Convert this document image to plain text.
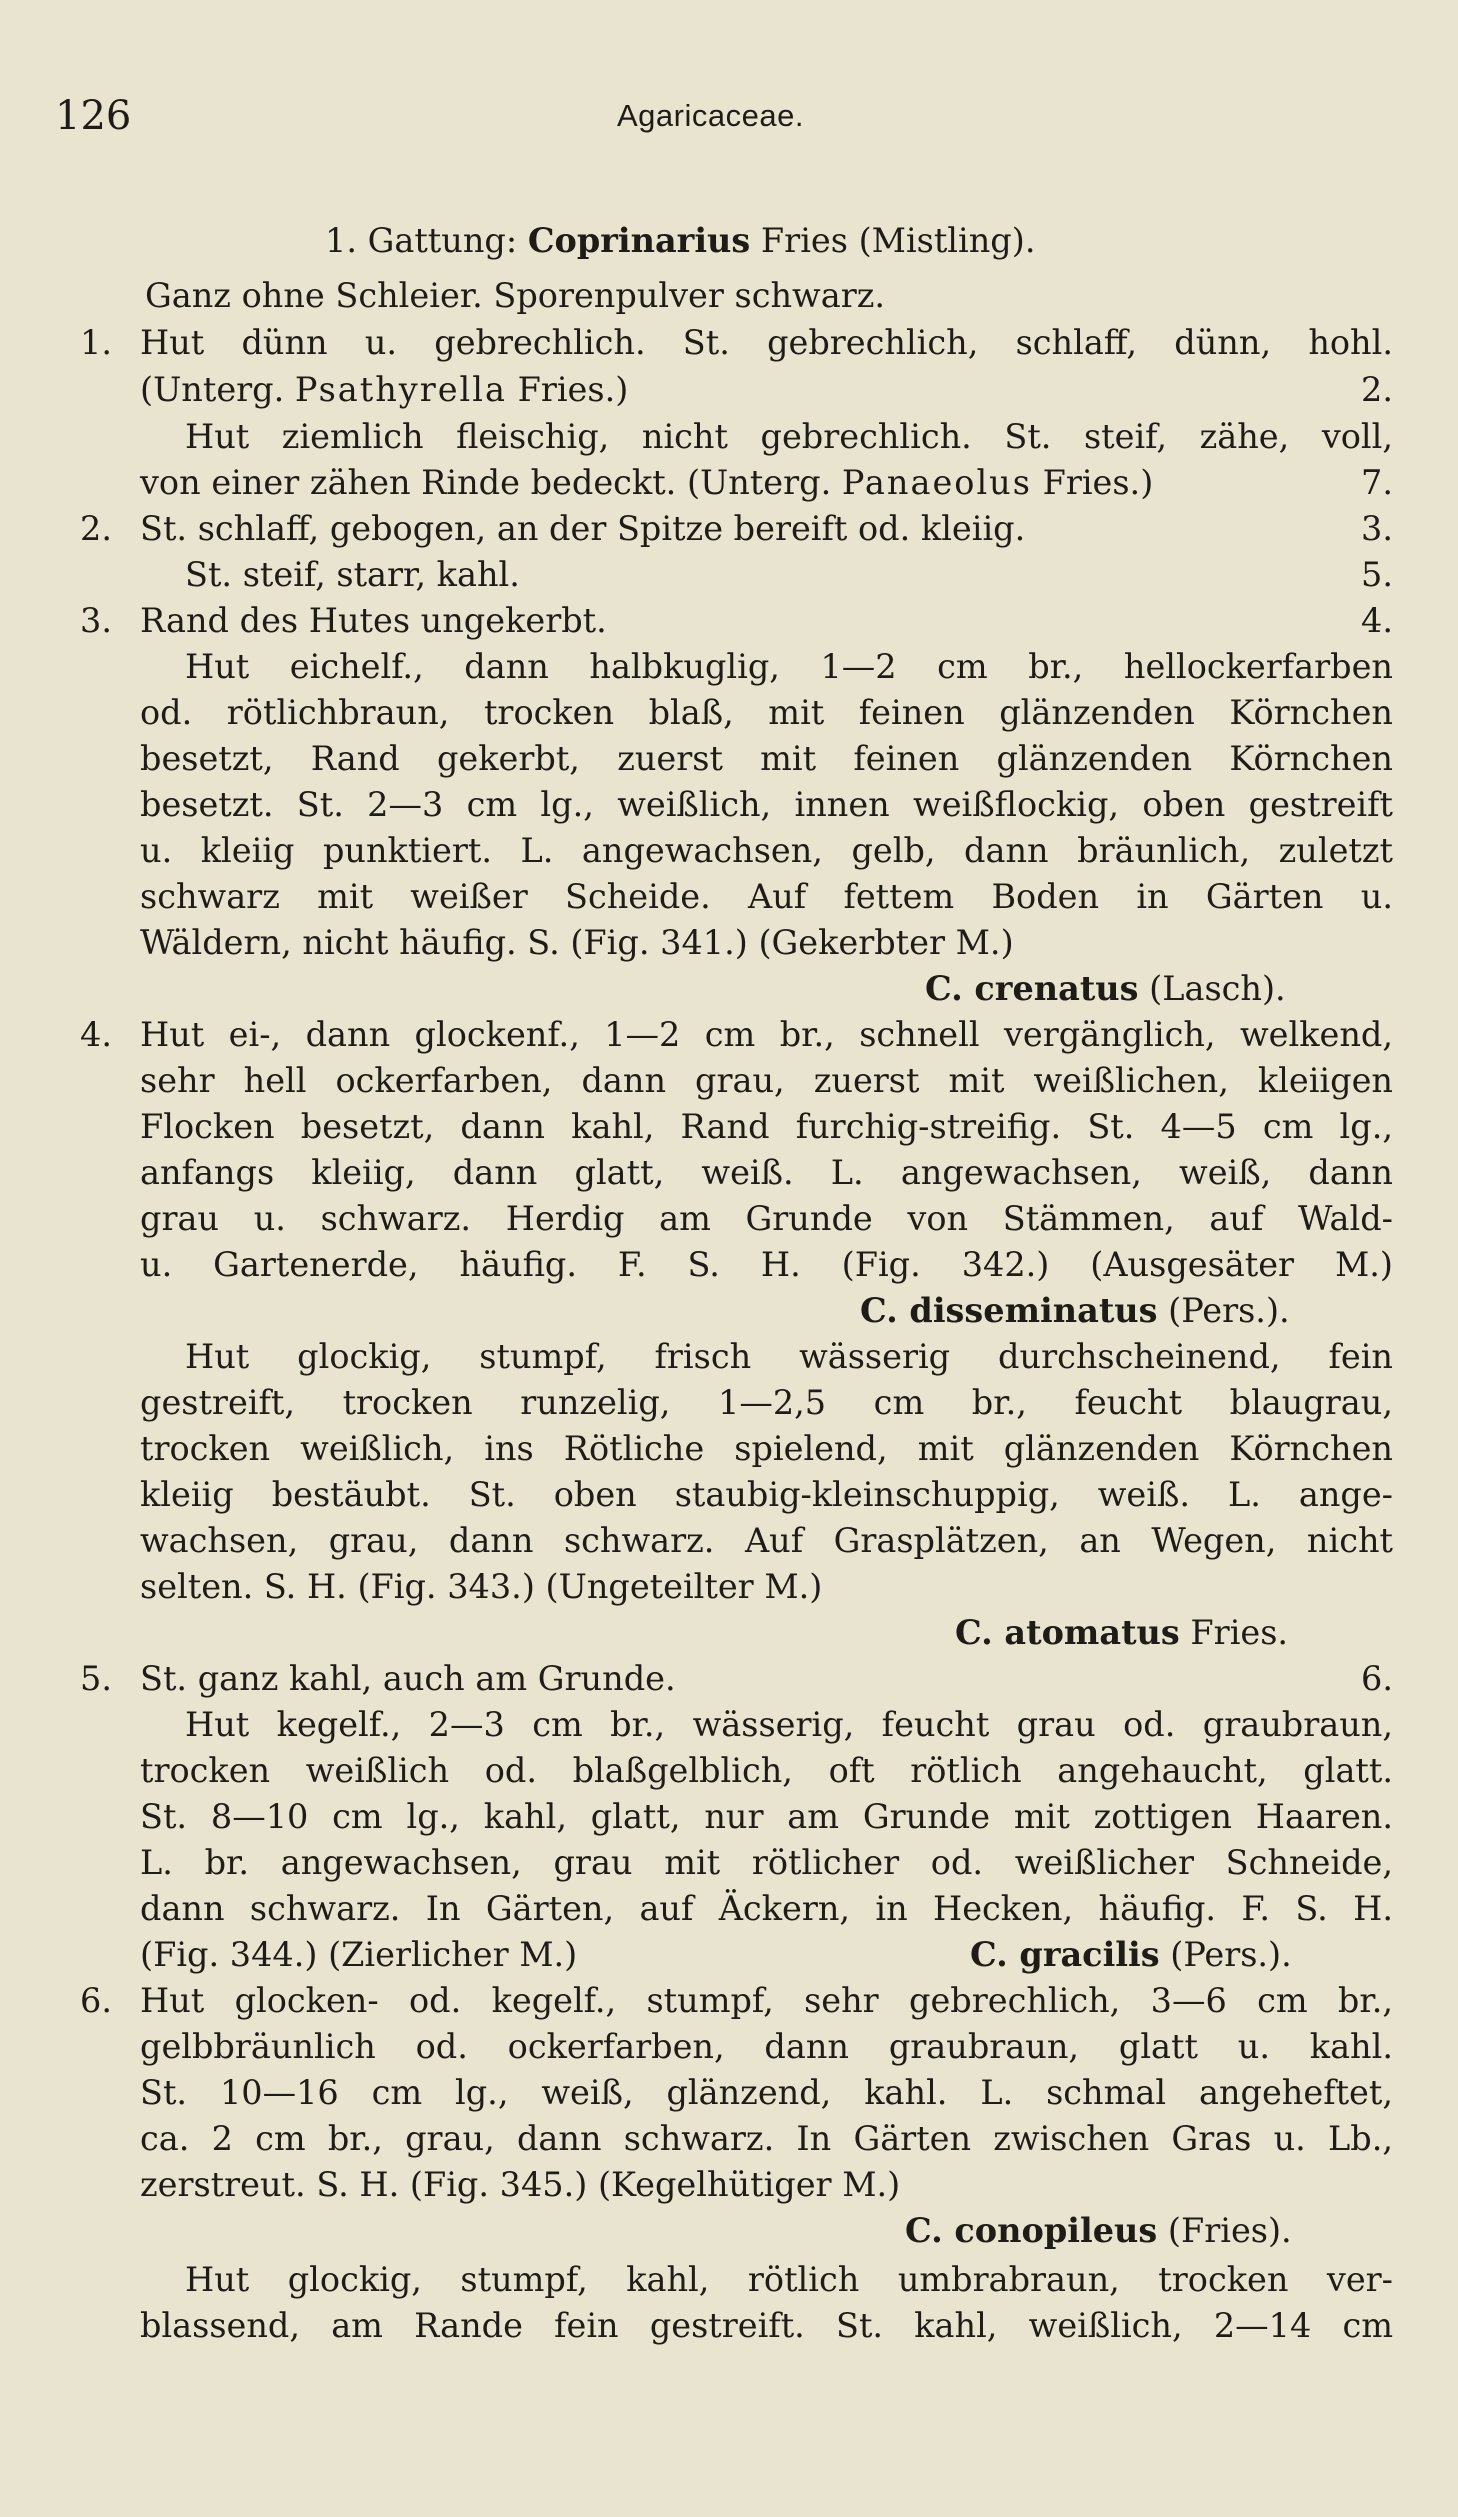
126	Agaricaceae.
1. Gattung: Coprinarius Fries (Mistling).
Ganz ohne Schleier. Sporenpulver schwarz.
1. Hut dünn u. gebrechlich. St. gebrechlich, schlaff, dünn, hohl.
(Unterg. Psathyrella Fries.)	2.
Hut ziemlich fleischig, nicht gebrechlich. St. steif, zähe, voll,
von einer zähen Rinde bedeckt. (Unterg. Panaeolus Fries.)	7.
2. St. schlaff, gebogen, an der Spitze bereift od. kleiig.	3.
St. steif, starr, kahl.	5.
3. Rand des Hutes ungekerbt.	4.
Hut eichelf., dann halbkuglig, 1—2 cm br., hellockerfarben
od. rötlichbraun, trocken blaß, mit feinen glänzenden Körnchen
besetzt, Rand gekerbt, zuerst mit feinen glänzenden Körnchen
besetzt. St. 2—3 cm lg., weißlich, innen weißflockig, oben gestreift
u. kleiig punktiert. L. angewachsen, gelb, dann bräunlich, zuletzt
schwarz mit weißer Scheide. Auf fettem Boden in Gärten u.
Wäldern, nicht häufig. S. (Fig. 341.) (Gekerbter M.)
C. crenatus (Lasch).
4. Hut ei-, dann glockenf., 1—2 cm br., schnell vergänglich, welkend,
sehr hell ockerfarben, dann grau, zuerst mit weißlichen, kleiigen
Flocken besetzt, dann kahl, Rand furchig-streifig. St. 4—5 cm lg.,
anfangs kleiig, dann glatt, weiß. L. angewachsen, weiß, dann
grau u. schwarz. Herdig am Grunde von Stämmen, auf Wald-
u. Gartenerde, häufig. F. S. H. (Fig. 342.) (Ausgesäter M.)
C. disseminatus (Pers.).
Hut glockig, stumpf, frisch wässerig durchscheinend, fein
gestreift, trocken runzelig, 1—2,5 cm br., feucht blaugrau,
trocken weißlich, ins Rötliche spielend, mit glänzenden Körnchen
kleiig bestäubt. St. oben staubig-kleinschuppig, weiß. L. ange-
wachsen, grau, dann schwarz. Auf Grasplätzen, an Wegen, nicht
selten. S. H. (Fig. 343.) (Ungeteilter M.)
C. atomatus Fries.
5. St. ganz kahl, auch am Grunde.	6.
Hut kegelf., 2—3 cm br., wässerig, feucht grau od. graubraun,
trocken weißlich od. blaßgelblich, oft rötlich angehaucht, glatt.
St. 8—10 cm lg., kahl, glatt, nur am Grunde mit zottigen Haaren.
L. br. angewachsen, grau mit rötlicher od. weißlicher Schneide,
dann schwarz. In Gärten, auf Äckern, in Hecken, häufig. F. S. H.
(Fig. 344.) (Zierlicher M.)	C. gracilis (Pers.).
6. Hut glocken- od. kegelf., stumpf, sehr gebrechlich, 3—6 cm br.,
gelbbräunlich od. ockerfarben, dann graubraun, glatt u. kahl.
St. 10—16 cm lg., weiß, glänzend, kahl. L. schmal angeheftet,
ca. 2 cm br., grau, dann schwarz. In Gärten zwischen Gras u. Lb.,
zerstreut. S. H. (Fig. 345.) (Kegelhütiger M.)
C. conopileus (Fries).
Hut glockig, stumpf, kahl, rötlich umbrabraun, trocken ver-
blassend, am Rande fein gestreift. St. kahl, weißlich, 2—14 cm
